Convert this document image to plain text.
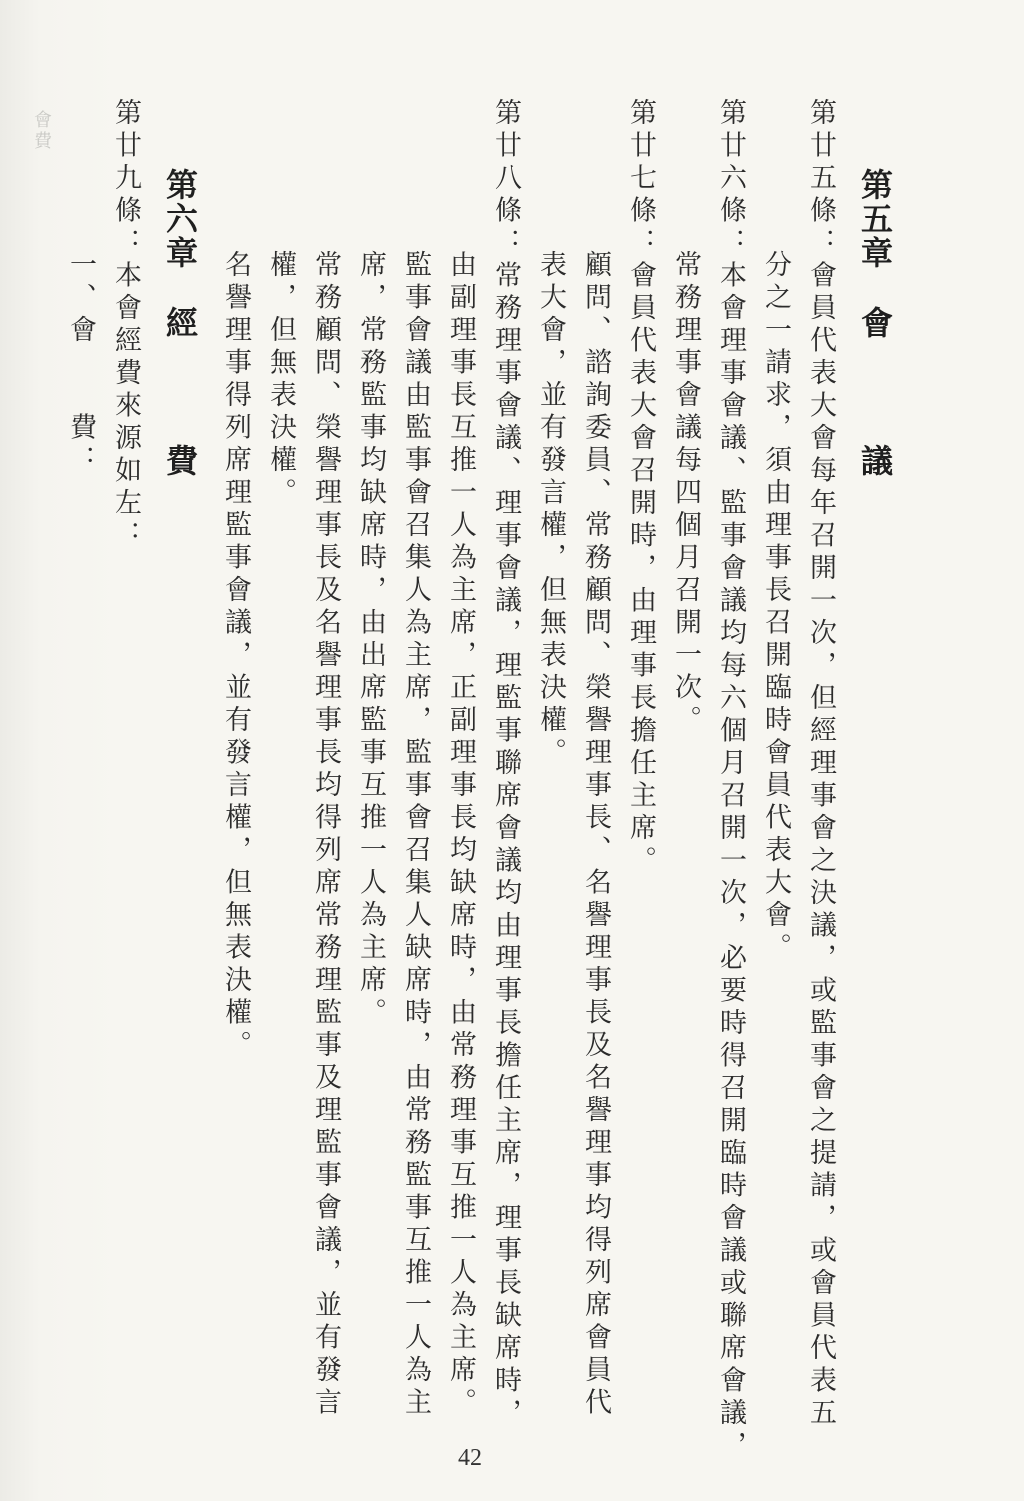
第五章會　　議
第廿五條：會員代表大會每年召開一次，但經理事會之決議，或監事會之提請，或會員代表五
分之一請求，須由理事長召開臨時會員代表大會。
第廿六條：本會理事會議、監事會議均每六個月召開一次，必要時得召開臨時會議或聯席會議，
常務理事會議每四個月召開一次。
第廿七條：會員代表大會召開時，由理事長擔任主席。
顧問、諮詢委員、常務顧問、榮譽理事長、名譽理事長及名譽理事均得列席會員代
表大會，並有發言權，但無表決權。
第廿八條：常務理事會議、理事會議，理監事聯席會議均由理事長擔任主席，理事長缺席時，
由副理事長互推一人為主席，正副理事長均缺席時，由常務理事互推一人為主席。
監事會議由監事會召集人為主席，監事會召集人缺席時，由常務監事互推一人為主
席，常務監事均缺席時，由出席監事互推一人為主席。
常務顧問、榮譽理事長及名譽理事長均得列席常務理監事及理監事會議，並有發言
權，但無表決權。
名譽理事得列席理監事會議，並有發言權，但無表決權。
第六章經　　費
第廿九條：本會經費來源如左：
一、會　　費：
會費
42
